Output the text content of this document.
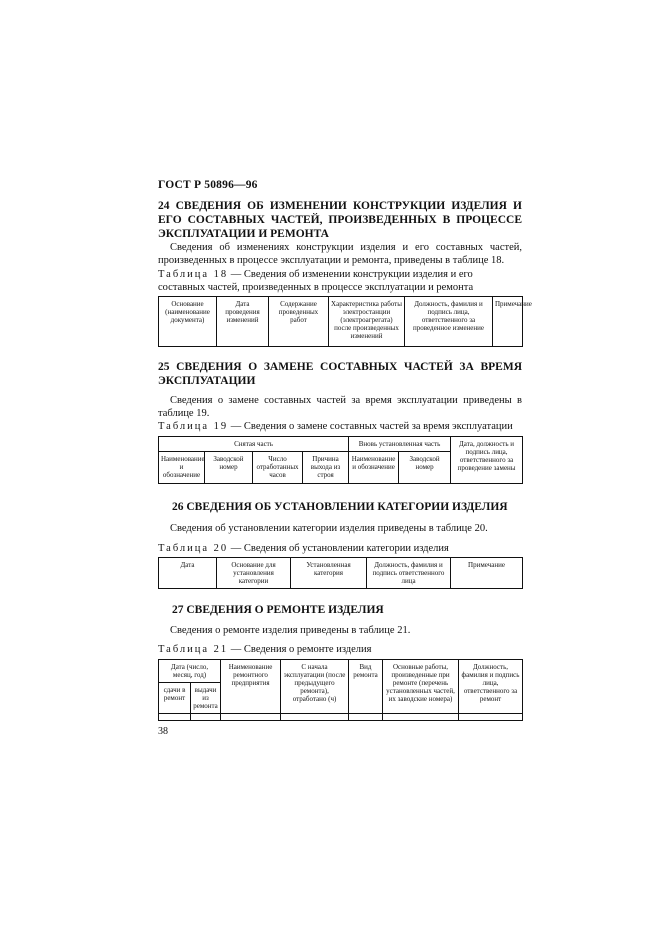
ГОСТ Р 50896—96
24 СВЕДЕНИЯ ОБ ИЗМЕНЕНИИ КОНСТРУКЦИИ ИЗДЕЛИЯ И ЕГО СОСТАВНЫХ ЧАСТЕЙ, ПРОИЗВЕДЕННЫХ В ПРОЦЕССЕ ЭКСПЛУАТАЦИИ И РЕМОНТА
Сведения об изменениях конструкции изделия и его составных частей, произведенных в процессе эксплуатации и ремонта, приведены в таблице 18.
Таблица 18 — Сведения об изменении конструкции изделия и его составных частей, произведенных в процессе эксплуатации и ремонта
Основание (наименование документа)	Дата проведения изменений	Содержание проведенных работ	Характеристика работы электростанции (электроагрегата) после произведенных изменений	Должность, фамилия и подпись лица, ответственного за проведенное изменение	Примечание
25 СВЕДЕНИЯ О ЗАМЕНЕ СОСТАВНЫХ ЧАСТЕЙ ЗА ВРЕМЯ ЭКСПЛУАТАЦИИ
Сведения о замене составных частей за время эксплуатации приведены в таблице 19.
Таблица 19 — Сведения о замене составных частей за время эксплуатации
Снятая часть				Вновь установленная часть		Дата, должность и подпись лица, ответственного за проведение замены
Наименование и обозначение	Заводской номер	Число отработанных часов	Причина выхода из строя	Наименование и обозначение	Заводской номер	
26 СВЕДЕНИЯ ОБ УСТАНОВЛЕНИИ КАТЕГОРИИ ИЗДЕЛИЯ
Сведения об установлении категории изделия приведены в таблице 20.
Таблица 20 — Сведения об установлении категории изделия
Дата	Основание для установления категории	Установленная категория	Должность, фамилия и подпись ответственного лица	Примечание
27 СВЕДЕНИЯ О РЕМОНТЕ ИЗДЕЛИЯ
Сведения о ремонте изделия приведены в таблице 21.
Таблица 21 — Сведения о ремонте изделия
Дата (число, месяц, год)		Наименование ремонтного предприятия	С начала эксплуатации (после предыдущего ремонта), отработано (ч)	Вид ремонта	Основные работы, произведенные при ремонте (перечень установленных частей, их заводские номера)	Должность, фамилия и подпись лица, ответственного за ремонт
сдачи в ремонт	выдачи из ремонта					

38
